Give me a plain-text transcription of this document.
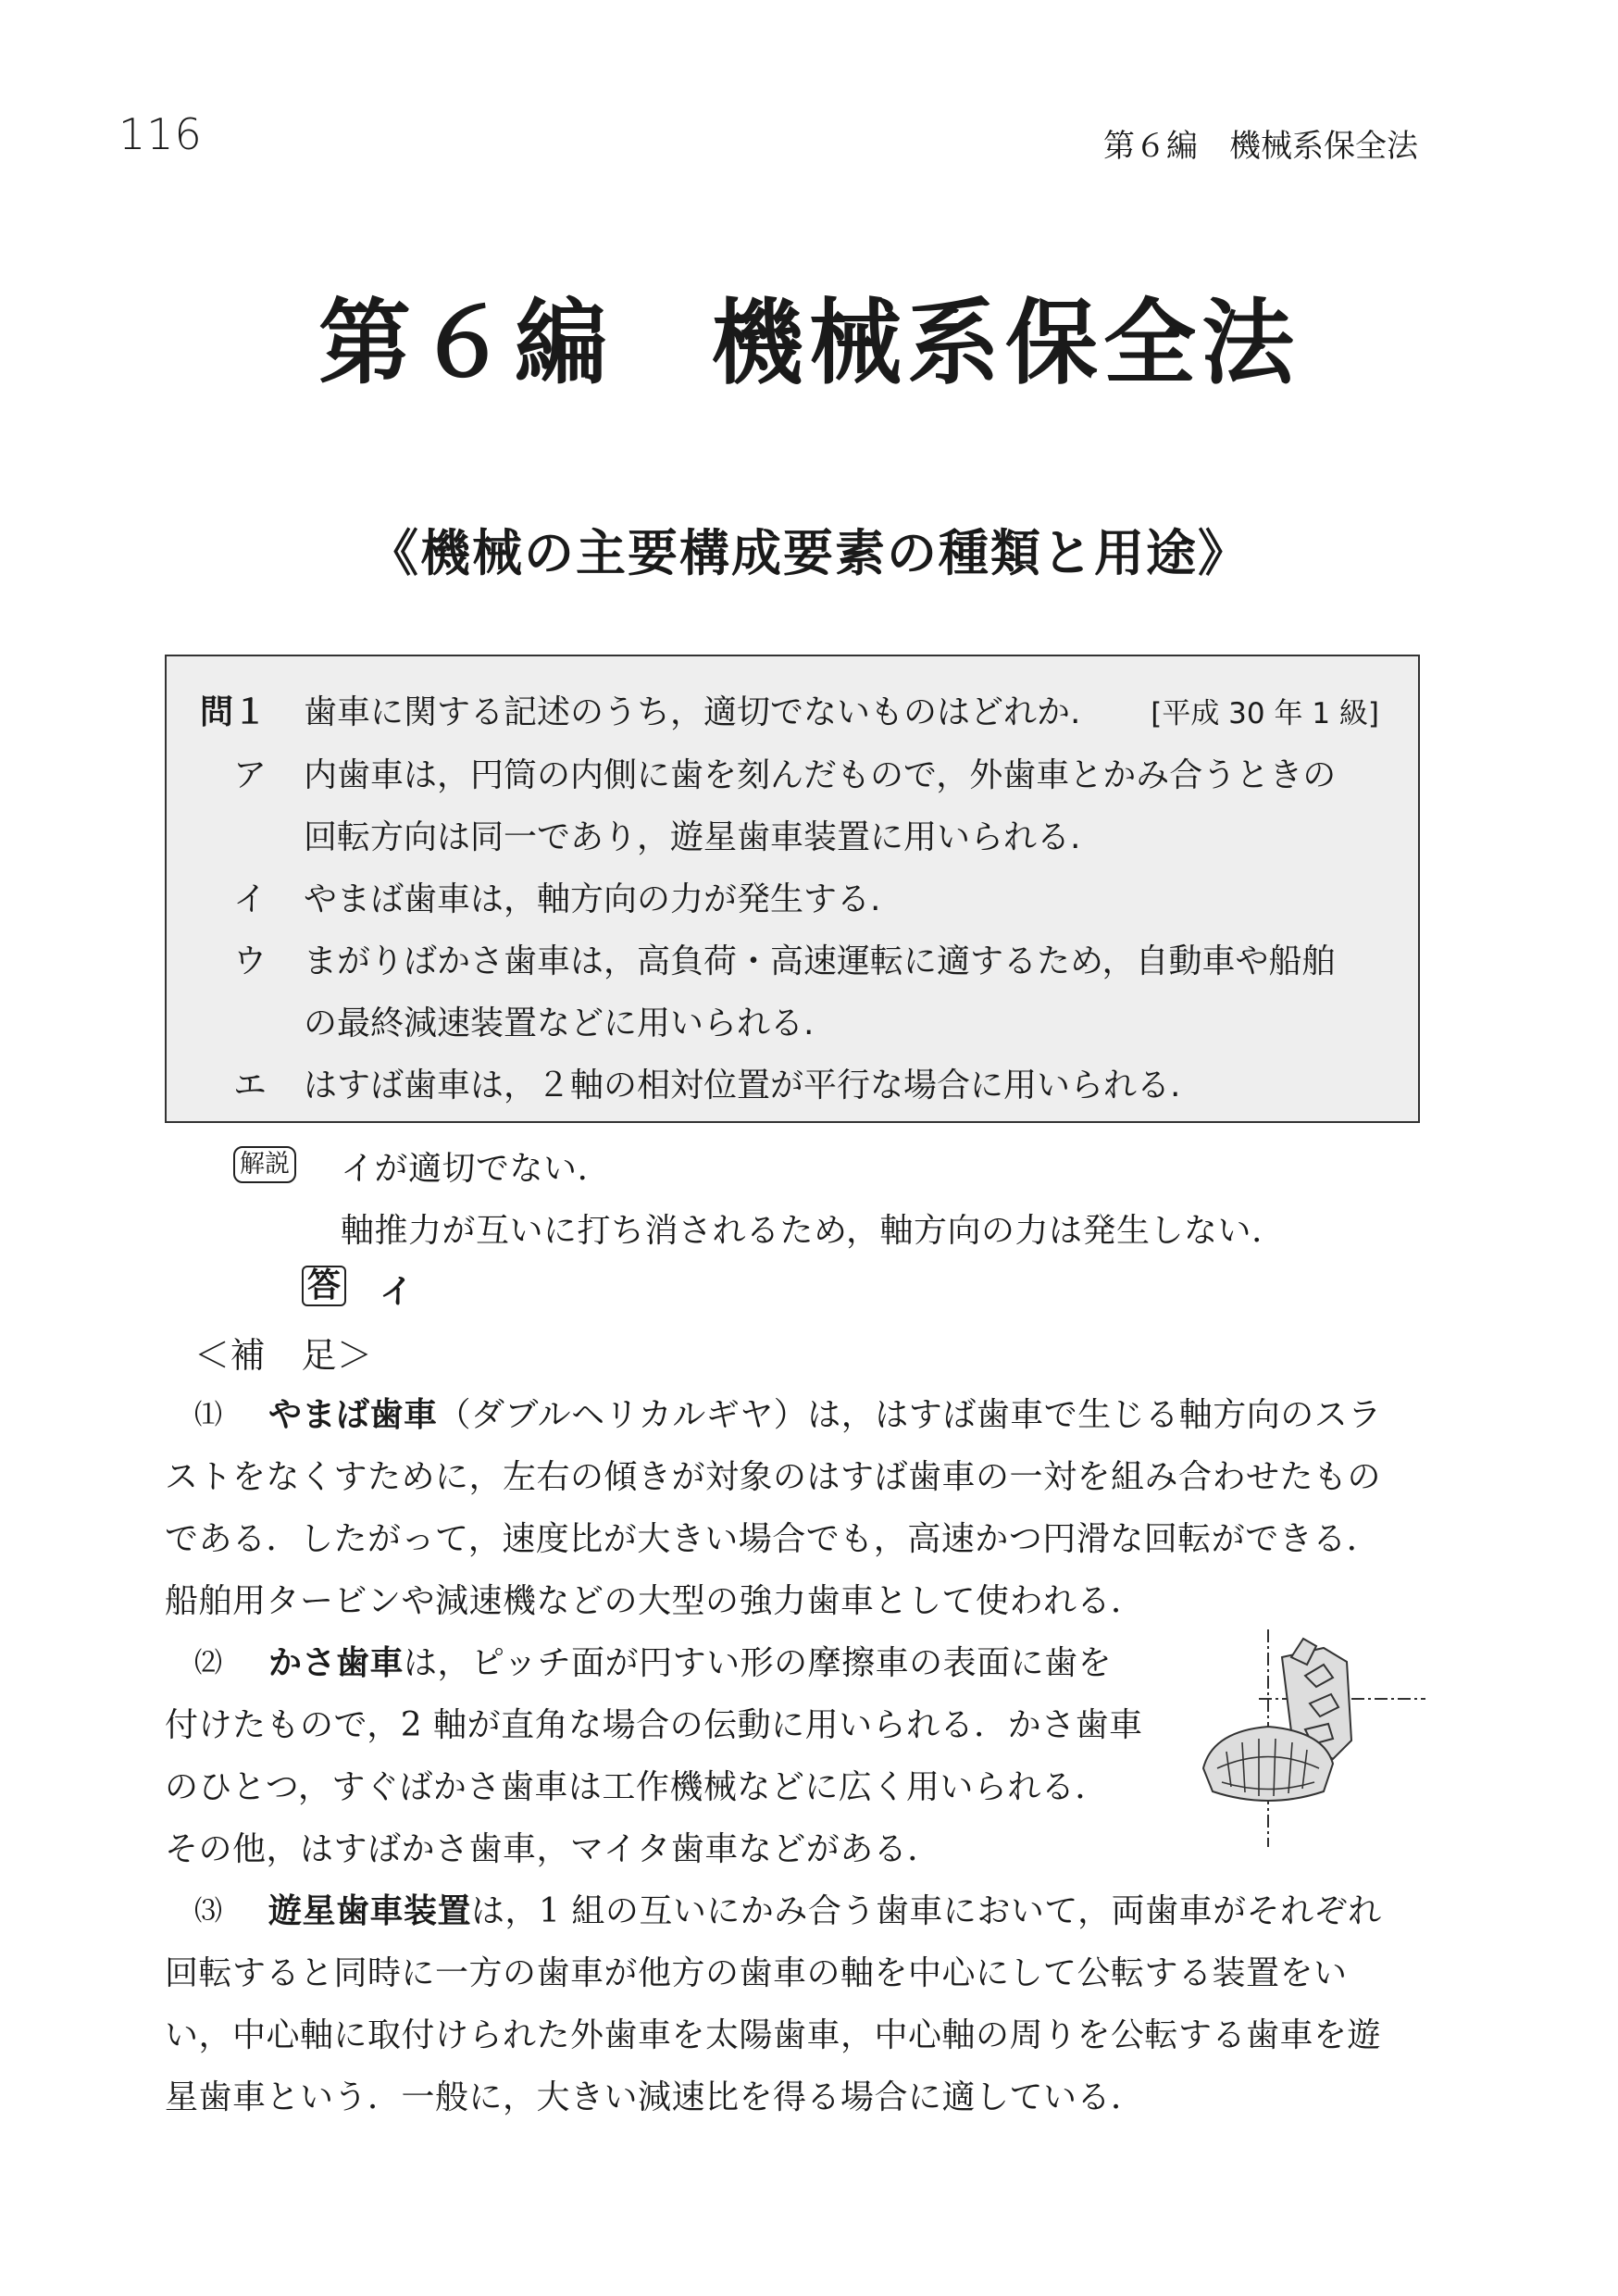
116	第６編　機械系保全法
第６編　機械系保全法
《機械の主要構成要素の種類と用途》
問１ 歯車に関する記述のうち，適切でないものはどれか. [平成 30 年 1 級]
ア 内歯車は，円筒の内側に歯を刻んだもので，外歯車とかみ合うときの
回転方向は同一であり，遊星歯車装置に用いられる.
イ やまば歯車は，軸方向の力が発生する.
ウ まがりばかさ歯車は，高負荷・高速運転に適するため，自動車や船舶
の最終減速装置などに用いられる.
エ はすば歯車は，２軸の相対位置が平行な場合に用いられる.
解説 イが適切でない.
軸推力が互いに打ち消されるため，軸方向の力は発生しない.
答 イ
＜補　足＞
⑴ やまば歯車（ダブルヘリカルギヤ）は，はすば歯車で生じる軸方向のスラ
ストをなくすために，左右の傾きが対象のはすば歯車の一対を組み合わせたもの
である．したがって，速度比が大きい場合でも，高速かつ円滑な回転ができる．
船舶用タービンや減速機などの大型の強力歯車として使われる．
⑵ かさ歯車は，ピッチ面が円すい形の摩擦車の表面に歯を
付けたもので，2 軸が直角な場合の伝動に用いられる．かさ歯車
のひとつ，すぐばかさ歯車は工作機械などに広く用いられる．
その他，はすばかさ歯車，マイタ歯車などがある．
⑶ 遊星歯車装置は，1 組の互いにかみ合う歯車において，両歯車がそれぞれ
回転すると同時に一方の歯車が他方の歯車の軸を中心にして公転する装置をい
い，中心軸に取付けられた外歯車を太陽歯車，中心軸の周りを公転する歯車を遊
星歯車という．一般に，大きい減速比を得る場合に適している．
